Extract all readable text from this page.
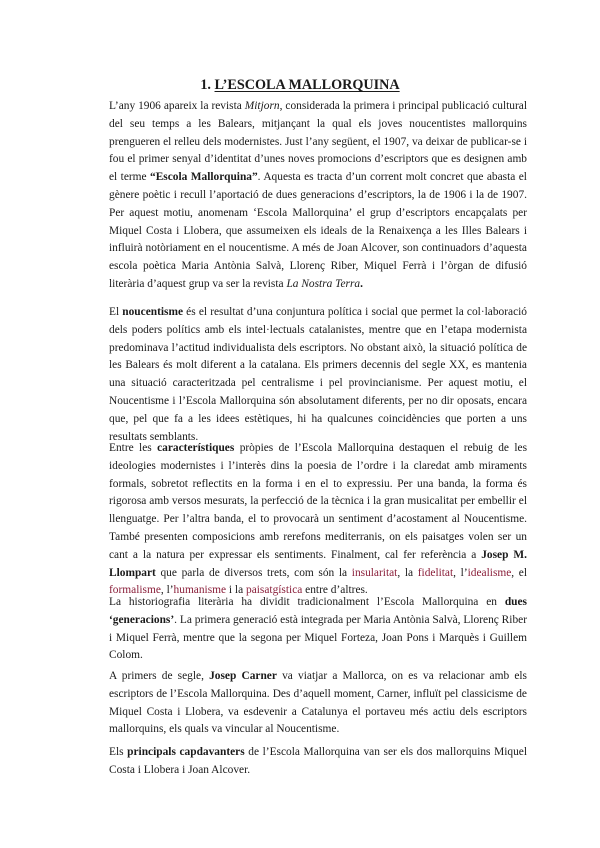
1. L’ESCOLA MALLORQUINA

L’any 1906 apareix la revista Mitjorn, considerada la primera i principal publicació cultural del seu temps a les Balears, mitjançant la qual els joves noucentistes mallorquins prengueren el relleu dels modernistes. Just l’any següent, el 1907, va deixar de publicar-se i fou el primer senyal d’identitat d’unes noves promocions d’escriptors que es designen amb el terme “Escola Mallorquina”. Aquesta es tracta d’un corrent molt concret que abasta el gènere poètic i recull l’aportació de dues generacions d’escriptors, la de 1906 i la de 1907. Per aquest motiu, anomenam ‘Escola Mallorquina’ el grup d’escriptors encapçalats per Miquel Costa i Llobera, que assumeixen els ideals de la Renaixença a les Illes Balears i influirà notòriament en el noucentisme. A més de Joan Alcover, son continuadors d’aquesta escola poètica Maria Antònia Salvà, Llorenç Riber, Miquel Ferrà i l’òrgan de difusió literària d’aquest grup va ser la revista La Nostra Terra.

El noucentisme és el resultat d’una conjuntura política i social que permet la col·laboració dels poders polítics amb els intel·lectuals catalanistes, mentre que en l’etapa modernista predominava l’actitud individualista dels escriptors. No obstant això, la situació política de les Balears és molt diferent a la catalana. Els primers decennis del segle XX, es mantenia una situació caracteritzada pel centralisme i pel provincianisme. Per aquest motiu, el Noucentisme i l’Escola Mallorquina són absolutament diferents, per no dir oposats, encara que, pel que fa a les idees estètiques, hi ha qualcunes coincidències que porten a uns resultats semblants.

Entre les característiques pròpies de l’Escola Mallorquina destaquen el rebuig de les ideologies modernistes i l’interès dins la poesia de l’ordre i la claredat amb miraments formals, sobretot reflectits en la forma i en el to expressiu. Per una banda, la forma és rigorosa amb versos mesurats, la perfecció de la tècnica i la gran musicalitat per embellir el llenguatge. Per l’altra banda, el to provocarà un sentiment d’acostament al Noucentisme. També presenten composicions amb rerefons mediterranis, on els paisatges volen ser un cant a la natura per expressar els sentiments. Finalment, cal fer referència a Josep M. Llompart que parla de diversos trets, com són la insularitat, la fidelitat, l’idealisme, el formalisme, l’humanisme i la paisatgística entre d’altres.

La historiografia literària ha dividit tradicionalment l’Escola Mallorquina en dues ‘generacions’. La primera generació està integrada per Maria Antònia Salvà, Llorenç Riber i Miquel Ferrà, mentre que la segona per Miquel Forteza, Joan Pons i Marquès i Guillem Colom.

A primers de segle, Josep Carner va viatjar a Mallorca, on es va relacionar amb els escriptors de l’Escola Mallorquina. Des d’aquell moment, Carner, influït pel classicisme de Miquel Costa i Llobera, va esdevenir a Catalunya el portaveu més actiu dels escriptors mallorquins, els quals va vincular al Noucentisme.

Els principals capdavanters de l’Escola Mallorquina van ser els dos mallorquins Miquel Costa i Llobera i Joan Alcover.
